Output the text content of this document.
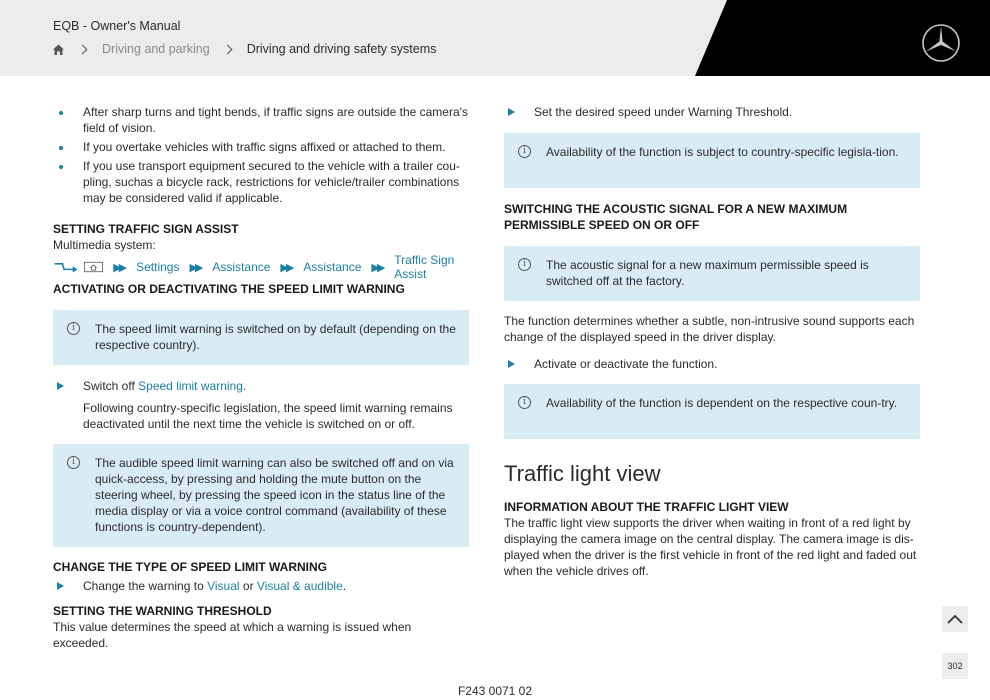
EQB - Owner's Manual
Driving and parking	Driving and driving safety systems
After sharp turns and tight bends, if traffic signs are outside the camera's field of vision.
If you overtake vehicles with traffic signs affixed or attached to them.
If you use transport equipment secured to the vehicle with a trailer cou-pling, suchas a bicycle rack, restrictions for vehicle/trailer combinations may be considered valid if applicable.
SETTING TRAFFIC SIGN ASSIST

Multimedia system:

▶▶ Settings ▶▶ Assistance ▶▶ Assistance ▶▶
Traffic Sign Assist
ACTIVATING OR DEACTIVATING THE SPEED LIMIT WARNING
i	The speed limit warning is switched on by default (depending on the respective country).
Switch off Speed limit warning.

Following country-specific legislation, the speed limit warning remains deactivated until the next time the vehicle is switched on or off.

i	The audible speed limit warning can also be switched off and on via quick-access, by pressing and holding the mute button on the steering wheel, by pressing the speed icon in the status line of the media display or via a voice control command (availability of these functions is country-dependent).
CHANGE THE TYPE OF SPEED LIMIT WARNING
Change the warning to Visual or Visual & audible.
SETTING THE WARNING THRESHOLD

This value determines the speed at which a warning is issued when exceeded.

Set the desired speed under Warning Threshold.
i	Availability of the function is subject to country-specific legisla-tion.
SWITCHING THE ACOUSTIC SIGNAL FOR A NEW MAXIMUM PERMISSIBLE SPEED ON OR OFF
i	The acoustic signal for a new maximum permissible speed is switched off at the factory.

The function determines whether a subtle, non-intrusive sound supports each change of the displayed speed in the driver display.

Activate or deactivate the function.
i	Availability of the function is dependent on the respective coun-try.
Traffic light view
INFORMATION ABOUT THE TRAFFIC LIGHT VIEW

The traffic light view supports the driver when waiting in front of a red light by displaying the camera image on the central display. The camera image is dis-played when the driver is the first vehicle in front of the red light and faded out when the vehicle drives off.

302
F243 0071 02
